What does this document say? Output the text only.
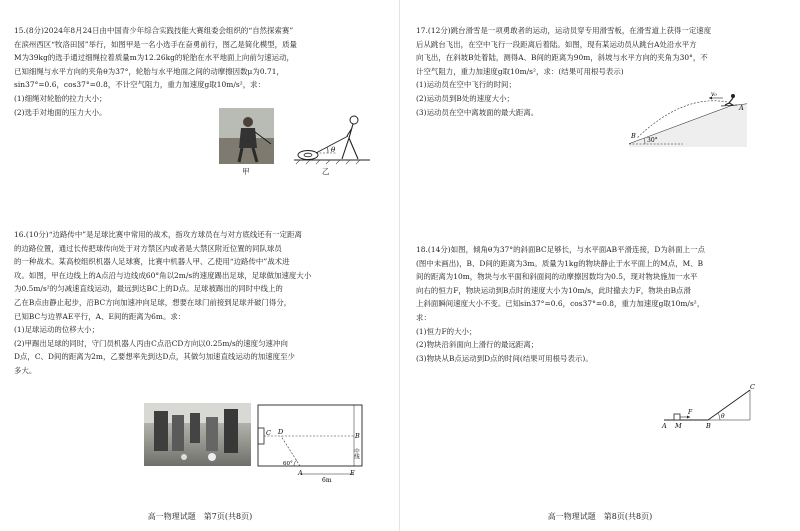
15.(8分)2024年8月24日由中国青少年综合实践技能大赛组委会组织的“自然探索赛”

在滨州西区“牧洛田园”举行，如图甲是一名小选手在奋勇前行，图乙是简化模型，质量

M为39kg的选手通过细绳拉着质量m为12.26kg的轮胎在水平地面上向前匀速运动，

已知细绳与水平方向的夹角θ为37°，轮胎与水平地面之间的动摩擦因数μ为0.71，

sin37°=0.6，cos37°=0.8，不计空气阻力，重力加速度g取10m/s²，求：

(1)细绳对轮胎的拉力大小；

(2)选手对地面的压力大小。

甲
θ
乙

16.(10分)“边路传中”是足球比赛中常用的战术，指攻方球员在与对方底线还有一定距离

的边路位置，通过长传把球传向处于对方禁区内或者是大禁区附近位置的同队球员

的一种战术。某高校组织机器人足球赛，比赛中机器人甲、乙使用“边路传中”战术进

攻。如图，甲在边线上的A点沿与边线成60°角以2m/s的速度踢出足球，足球做加速度大小

为0.5m/s²的匀减速直线运动，最远到达BC上的D点。足球被踢出的同时中线上的

乙在B点由静止起步，沿BC方向加速冲向足球，想要在球门前接到足球并破门得分，

已知BC与边界AE平行，A、E间的距离为6m。求：

(1)足球运动的位移大小；

(2)甲踢出足球的同时，守门员机器人丙由C点沿CD方向以0.25m/s的速度匀速冲向

D点，C、D间的距离为2m，乙要想率先到达D点，其做匀加速直线运动的加速度至少

多大。

C D	B
60°
A	E
中线
6m
高一物理试题　第7页(共8页)

17.(12分)跳台滑雪是一项勇敢者的运动，运动员穿专用滑雪板，在滑雪道上获得一定速度

后从跳台飞出，在空中飞行一段距离后着陆。如图，现有某运动员从跳台A处沿水平方

向飞出，在斜坡B处着陆，测得A、B间的距离为90m，斜坡与水平方向的夹角为30°，不

计空气阻力，重力加速度g取10m/s²，求：(结果可用根号表示)

(1)运动员在空中飞行的时间；

(2)运动员到B处的速度大小；

(3)运动员在空中离坡面的最大距离。

30°
v₀
A
B

18.(14分)如图，倾角θ为37°的斜面BC足够长，与水平面AB平滑连接，D为斜面上一点

(图中未画出)，B、D间的距离为3m。质量为1kg的物块静止于水平面上的M点，M、B

间的距离为10m，物块与水平面和斜面间的动摩擦因数均为0.5，现对物块施加一水平

向右的恒力F，物块运动到B点时的速度大小为10m/s，此时撤去力F，物块由B点滑

上斜面瞬间速度大小不变。已知sin37°=0.6，cos37°=0.8，重力加速度g取10m/s²，

求：

(1)恒力F的大小；

(2)物块沿斜面向上滑行的最远距离；

(3)物块从B点运动到D点的时间(结果可用根号表示)。

θ
F
A M	B
C
高一物理试题　第8页(共8页)
